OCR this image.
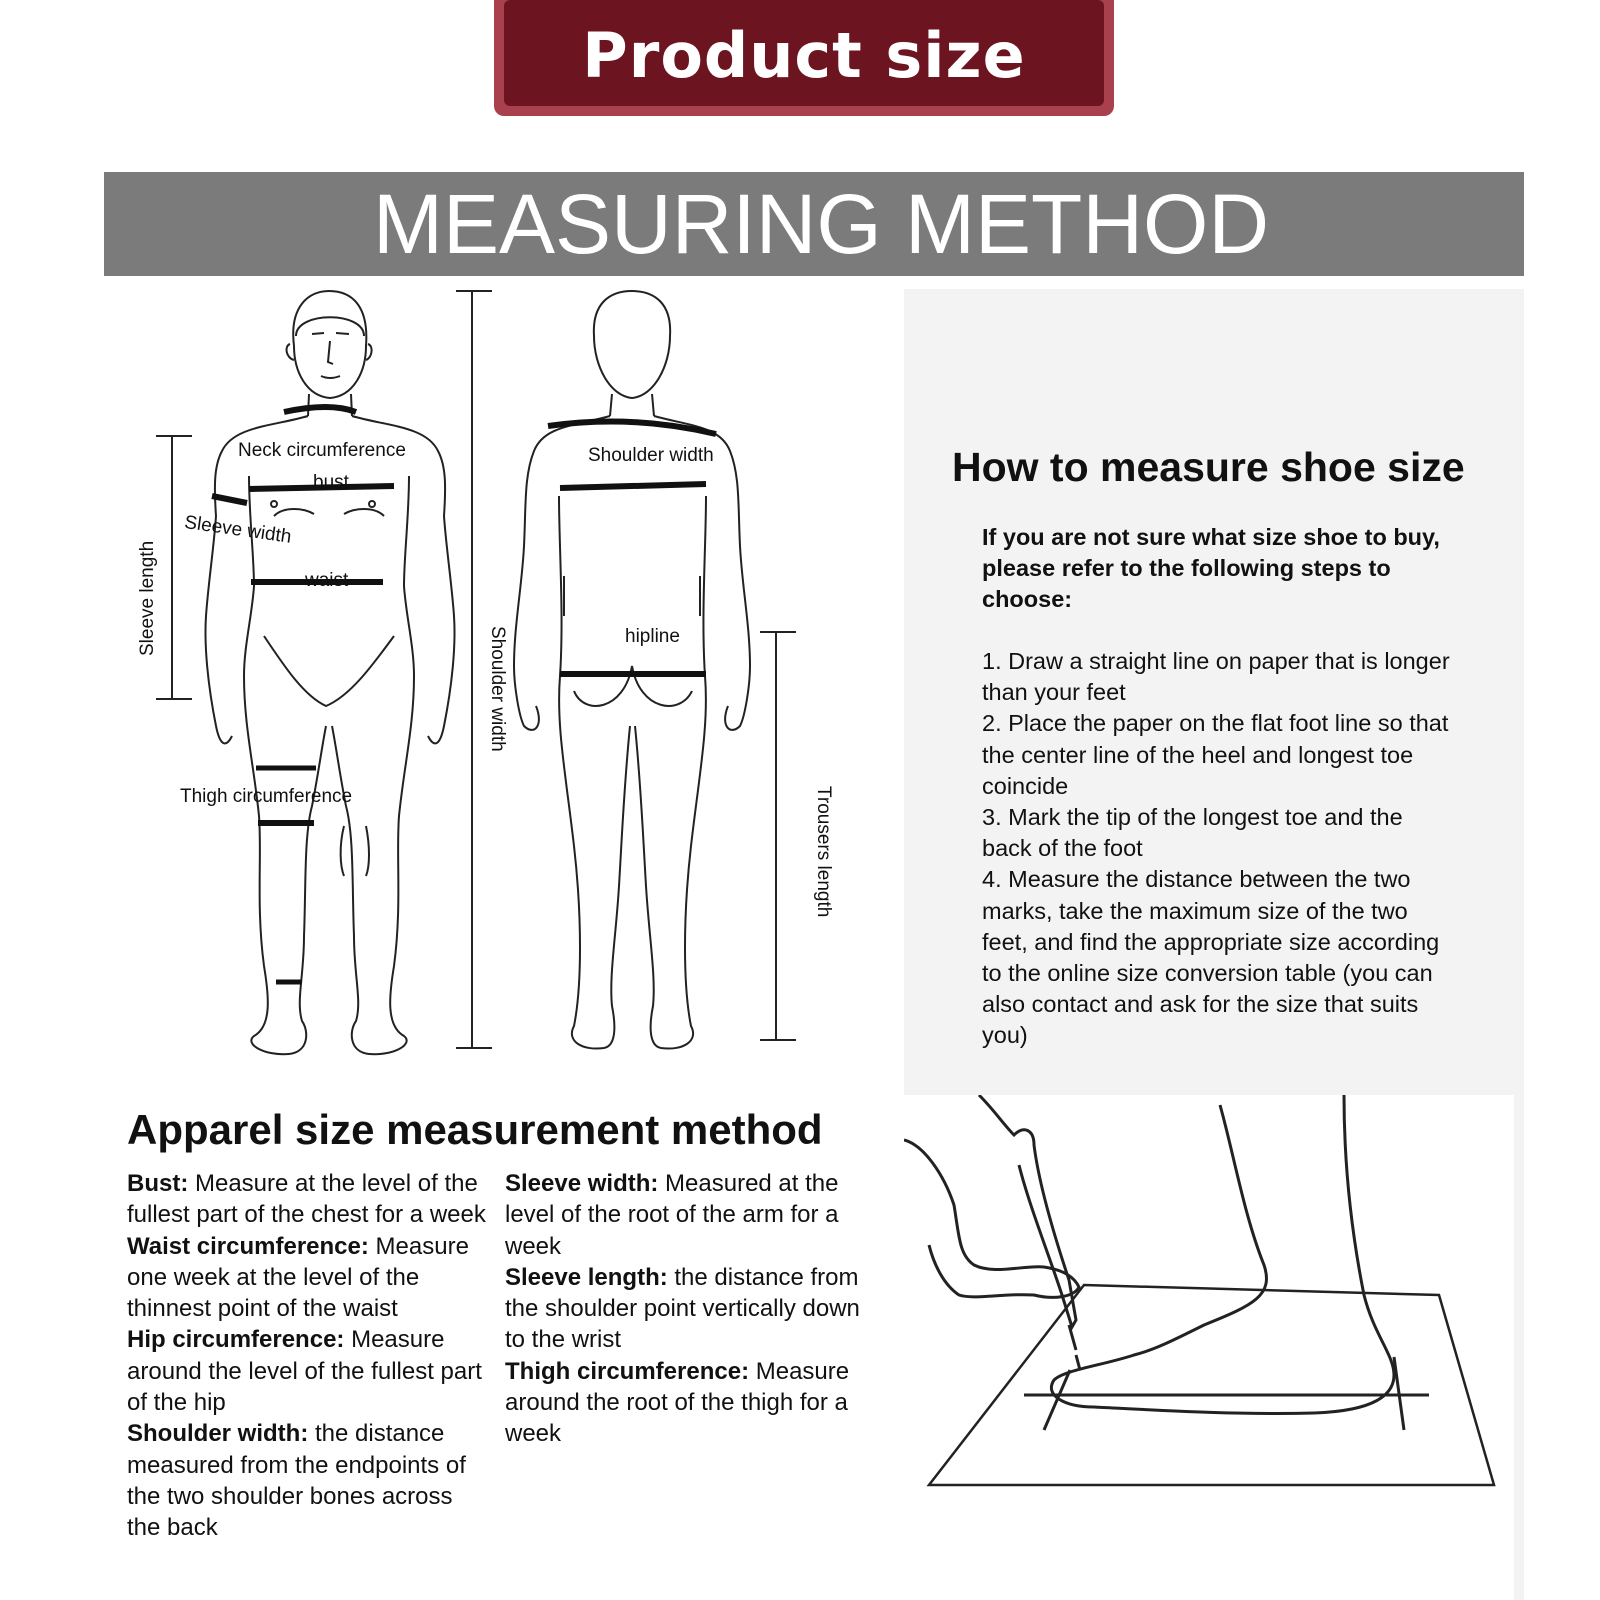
Product size
MEASURING METHOD
Neck circumference
bust
Sleeve width
waist
Sleeve length
Thigh circumference
Shoulder width
Shoulder width
hipline
Trousers length
How to measure shoe size
If you are not sure what size shoe to buy, please refer to the following steps to choose:
1. Draw a straight line on paper that is longer than your feet
2. Place the paper on the flat foot line so that the center line of the heel and longest toe coincide
3. Mark the tip of the longest toe and the back of the foot
4. Measure the distance between the two marks, take the maximum size of the two feet, and find the appropriate size according to the online size conversion table (you can also contact and ask for the size that suits you)
Apparel size measurement method
Bust: Measure at the level of the fullest part of the chest for a week
Waist circumference: Measure one week at the level of the thinnest point of the waist
Hip circumference: Measure around the level of the fullest part of the hip
Shoulder width: the distance measured from the endpoints of the two shoulder bones across the back
Sleeve width: Measured at the level of the root of the arm for a week
Sleeve length: the distance from the shoulder point vertically down to the wrist
Thigh circumference: Measure around the root of the thigh for a week
